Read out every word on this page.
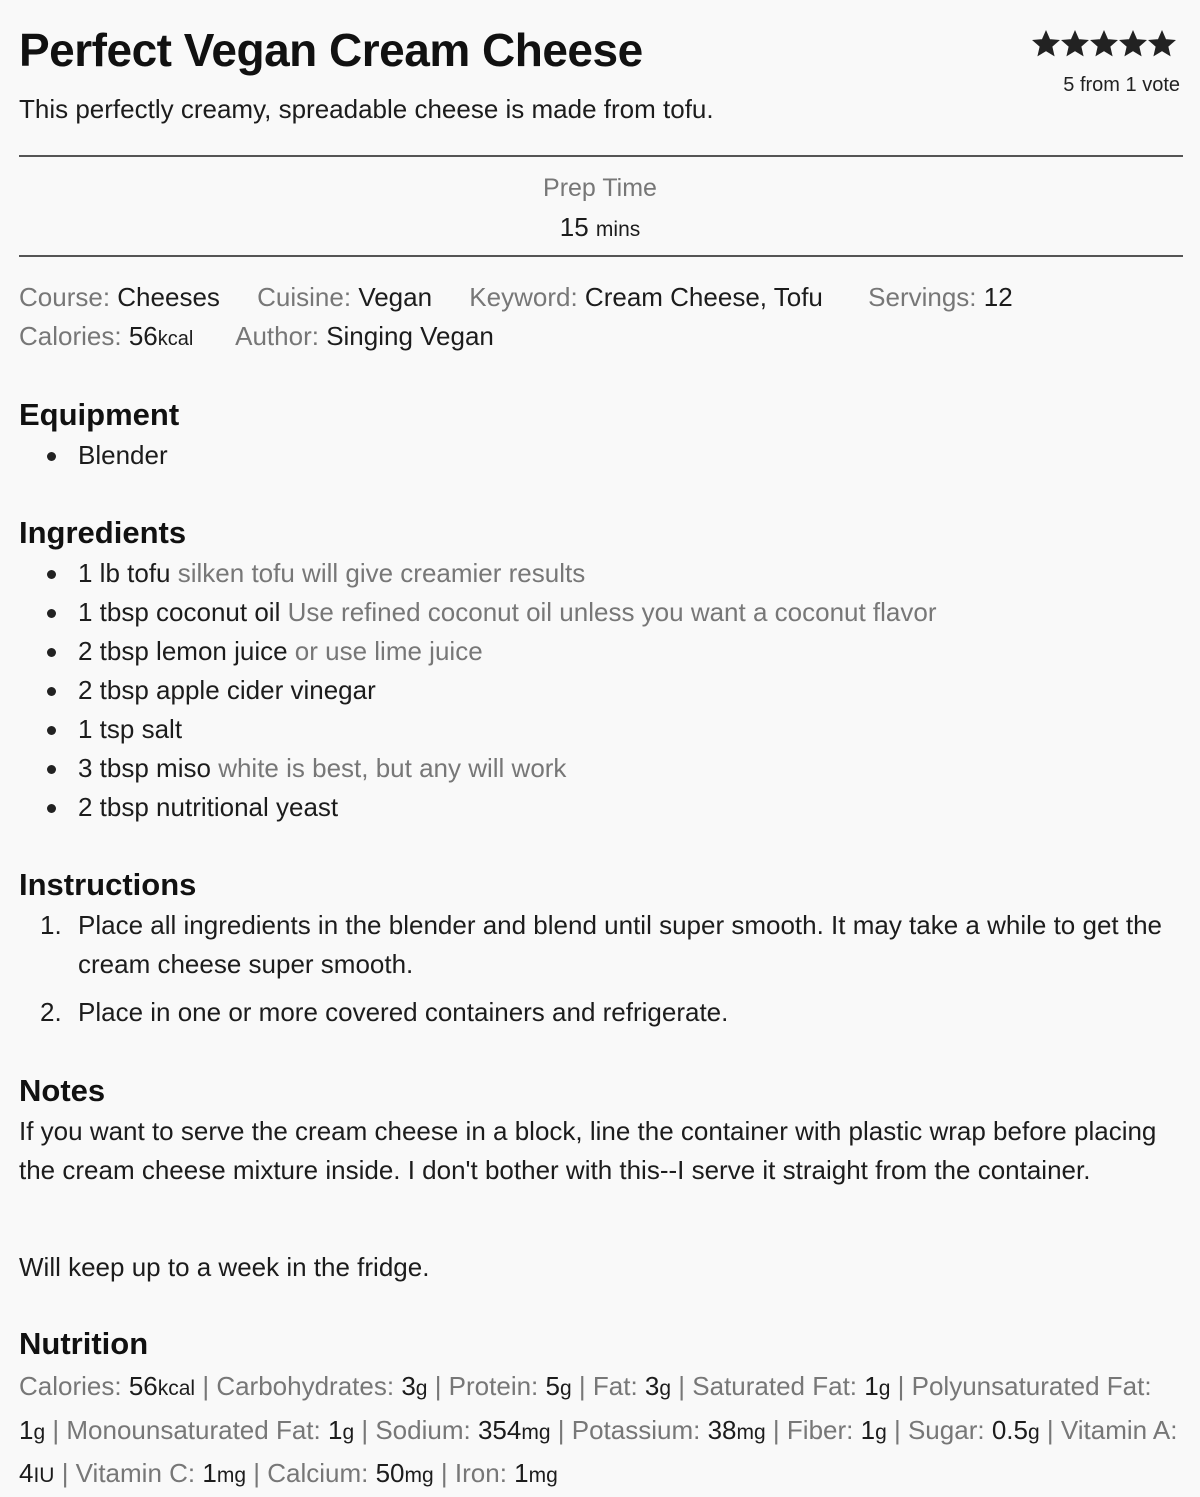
Perfect Vegan Cream Cheese
This perfectly creamy, spreadable cheese is made from tofu.
5 from 1 vote
Prep Time
15 mins
Course: Cheeses Cuisine: Vegan Keyword: Cream Cheese, Tofu Servings: 12
Calories: 56kcal Author: Singing Vegan
Equipment
Blender
Ingredients
1 lb tofu silken tofu will give creamier results
1 tbsp coconut oil Use refined coconut oil unless you want a coconut flavor
2 tbsp lemon juice or use lime juice
2 tbsp apple cider vinegar
1 tsp salt
3 tbsp miso white is best, but any will work
2 tbsp nutritional yeast
Instructions
1. Place all ingredients in the blender and blend until super smooth. It may take a while to get the cream cheese super smooth.
2. Place in one or more covered containers and refrigerate.
Notes

If you want to serve the cream cheese in a block, line the container with plastic wrap before placing the cream cheese mixture inside. I don't bother with this--I serve it straight from the container.

Will keep up to a week in the fridge.

Nutrition
Calories: 56kcal | Carbohydrates: 3g | Protein: 5g | Fat: 3g | Saturated Fat: 1g | Polyunsaturated Fat: 1g | Monounsaturated Fat: 1g | Sodium: 354mg | Potassium: 38mg | Fiber: 1g | Sugar: 0.5g | Vitamin A: 4IU | Vitamin C: 1mg | Calcium: 50mg | Iron: 1mg
